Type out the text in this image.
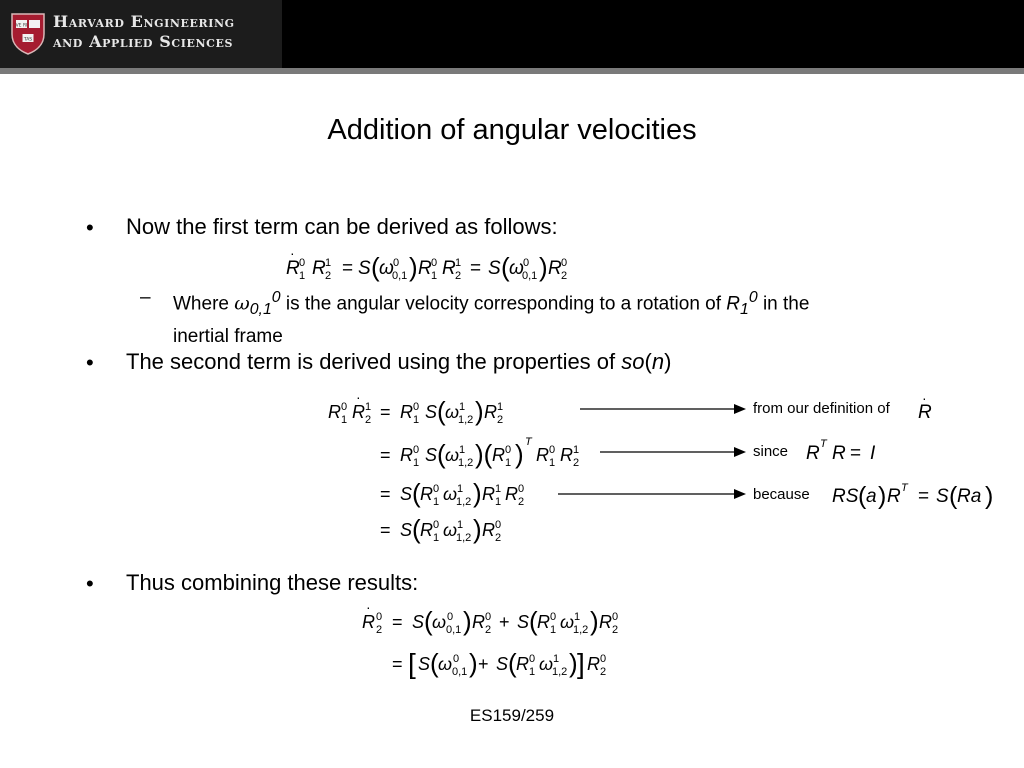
VE RI
TAS
Harvard Engineering
and Applied Sciences
Addition of angular velocities
• Now the first term can be derived as follows:
R
·
0
1 R 1
2 = S ( ω 0
0,1 ) R 0
1 R 1
2 = S ( ω 0
0,1 ) R 0
2
– Where $\omega_{0,1}^0$ is the angular velocity corresponding to a rotation of $R_1^0$ in the
inertial frame
• The second term is derived using the properties of so(n)
R 0
1 R
·
1
2 = R 0
1 S ( ω 1
1,2 ) R 1
2
= R 0
1 S ( ω 1
1,2 )( R 0
1 ) T
R 0
1 R 1
2
= S ( R 0
1 ω 1
1,2 ) R 1
1 R 0
2
= S ( R 0
1 ω 1
1,2 ) R 0
2
from our definition of R
·
since R T R = I
because RS ( a ) R T = S ( Ra )
• Thus combining these results:
R
·
0
2 = S ( ω 0
0,1 ) R 0
2 + S ( R 0
1 ω 1
1,2 ) R 0
2
= [ S ( ω 0
0,1 ) + S ( R 0
1 ω 1
1,2 ) ] R 0
2
ES159/259
